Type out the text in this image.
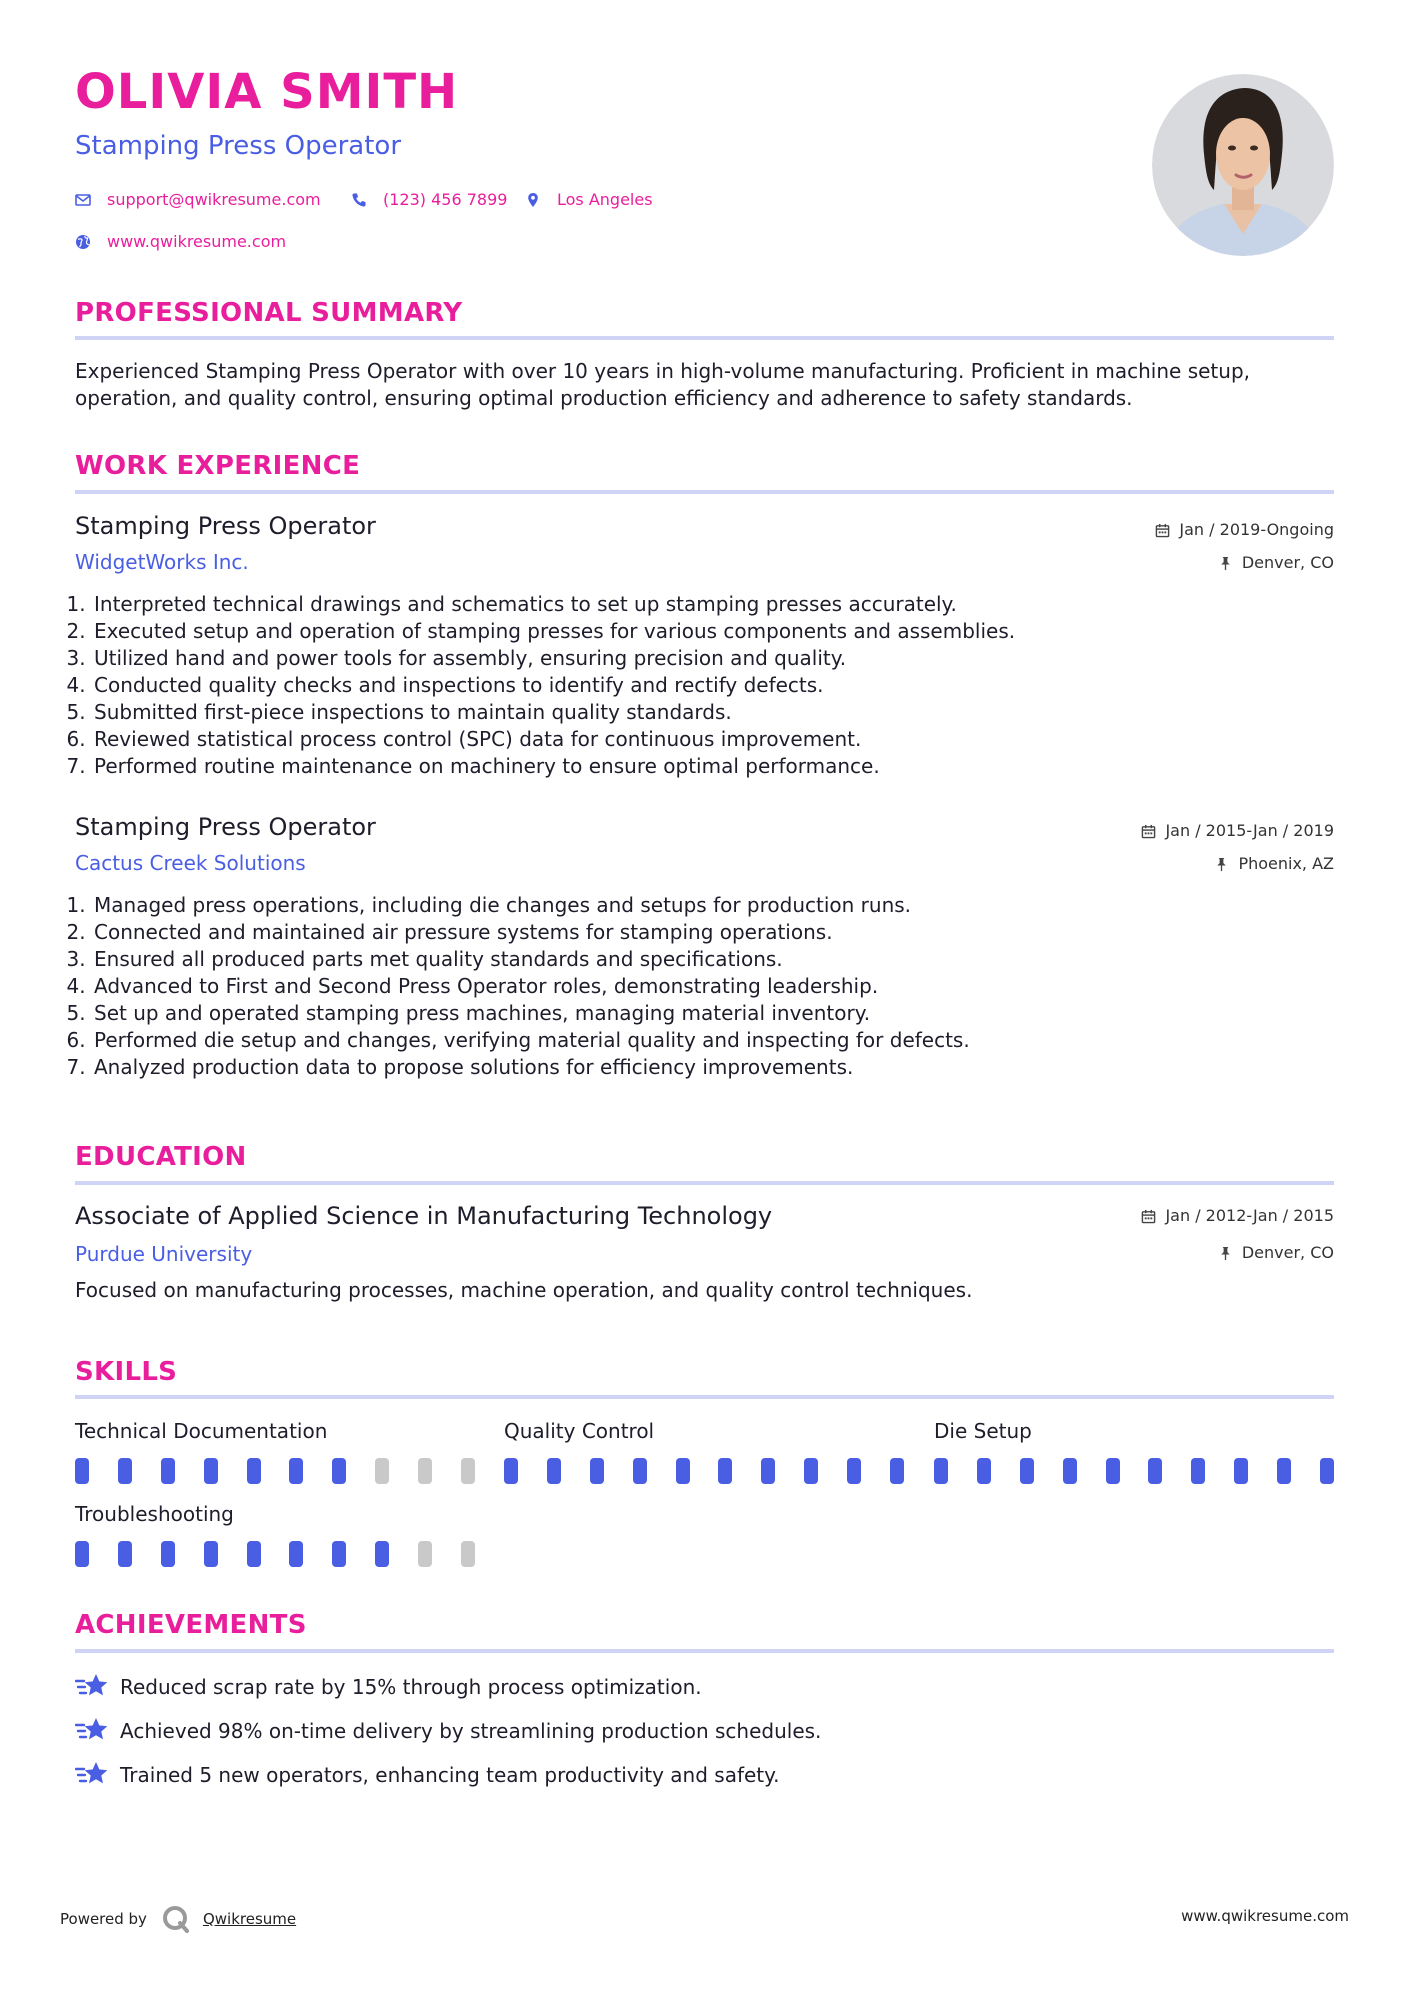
OLIVIA SMITH
Stamping Press Operator
support@qwikresume.com	(123) 456 7899	Los Angeles
www.qwikresume.com
PROFESSIONAL SUMMARY
Experienced Stamping Press Operator with over 10 years in high-volume manufacturing. Proficient in machine setup, operation, and quality control, ensuring optimal production efficiency and adherence to safety standards.
WORK EXPERIENCE
Stamping Press Operator
WidgetWorks Inc.
Jan / 2019-Ongoing
Denver, CO
1. Interpreted technical drawings and schematics to set up stamping presses accurately.
2. Executed setup and operation of stamping presses for various components and assemblies.
3. Utilized hand and power tools for assembly, ensuring precision and quality.
4. Conducted quality checks and inspections to identify and rectify defects.
5. Submitted first-piece inspections to maintain quality standards.
6. Reviewed statistical process control (SPC) data for continuous improvement.
7. Performed routine maintenance on machinery to ensure optimal performance.
Stamping Press Operator
Cactus Creek Solutions
Jan / 2015-Jan / 2019
Phoenix, AZ
1. Managed press operations, including die changes and setups for production runs.
2. Connected and maintained air pressure systems for stamping operations.
3. Ensured all produced parts met quality standards and specifications.
4. Advanced to First and Second Press Operator roles, demonstrating leadership.
5. Set up and operated stamping press machines, managing material inventory.
6. Performed die setup and changes, verifying material quality and inspecting for defects.
7. Analyzed production data to propose solutions for efficiency improvements.
EDUCATION
Associate of Applied Science in Manufacturing Technology
Purdue University
Jan / 2012-Jan / 2015
Denver, CO
Focused on manufacturing processes, machine operation, and quality control techniques.
SKILLS
Technical Documentation	Quality Control	Die Setup
Troubleshooting
ACHIEVEMENTS
Reduced scrap rate by 15% through process optimization.
Achieved 98% on-time delivery by streamlining production schedules.
Trained 5 new operators, enhancing team productivity and safety.
Powered by	Qwikresume	www.qwikresume.com
